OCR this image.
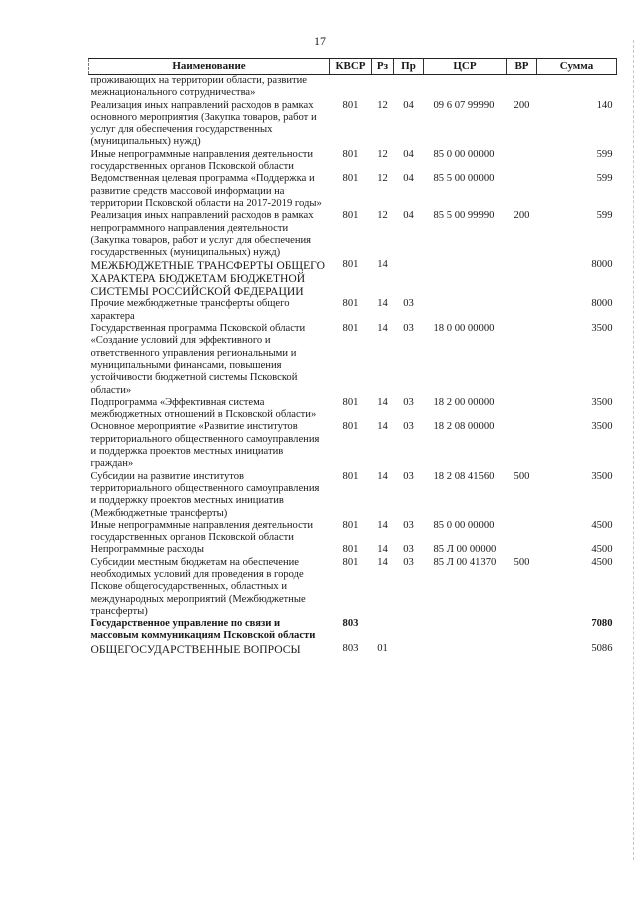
17
Наименование	КВСР	Рз	Пр	ЦСР	ВР	Сумма
проживающих на территории области, развитие межнационального сотрудничества»						
Реализация иных направлений расходов в рамках основного мероприятия (Закупка товаров, работ и услуг для обеспечения государственных (муниципальных) нужд)	801	12	04	09 6 07 99990	200	140
Иные непрограммные направления деятельности государственных органов Псковской области	801	12	04	85 0 00 00000		599
Ведомственная целевая программа «Поддержка и развитие средств массовой информации на территории Псковской области на 2017-2019 годы»	801	12	04	85 5 00 00000		599
Реализация иных направлений расходов в рамках непрограммного направления деятельности (Закупка товаров, работ и услуг для обеспечения государственных (муниципальных) нужд)	801	12	04	85 5 00 99990	200	599
МЕЖБЮДЖЕТНЫЕ ТРАНСФЕРТЫ ОБЩЕГО ХАРАКТЕРА БЮДЖЕТАМ БЮДЖЕТНОЙ СИСТЕМЫ РОССИЙСКОЙ ФЕДЕРАЦИИ	801	14				8000
Прочие межбюджетные трансферты общего характера	801	14	03			8000
Государственная программа Псковской области «Создание условий для эффективного и ответственного управления региональными и муниципальными финансами, повышения устойчивости бюджетной системы Псковской области»	801	14	03	18 0 00 00000		3500
Подпрограмма «Эффективная система межбюджетных отношений в Псковской области»	801	14	03	18 2 00 00000		3500
Основное мероприятие «Развитие институтов территориального общественного самоуправления и поддержка проектов местных инициатив граждан»	801	14	03	18 2 08 00000		3500
Субсидии на развитие институтов территориального общественного самоуправления и поддержку проектов местных инициатив (Межбюджетные трансферты)	801	14	03	18 2 08 41560	500	3500
Иные непрограммные направления деятельности государственных органов Псковской области	801	14	03	85 0 00 00000		4500
Непрограммные расходы	801	14	03	85 Л 00 00000		4500
Субсидии местным бюджетам на обеспечение необходимых условий для проведения в городе Пскове общегосударственных, областных и международных мероприятий (Межбюджетные трансферты)	801	14	03	85 Л 00 41370	500	4500
Государственное управление по связи и массовым коммуникациям Псковской области	803					7080
ОБЩЕГОСУДАРСТВЕННЫЕ ВОПРОСЫ	803	01				5086
